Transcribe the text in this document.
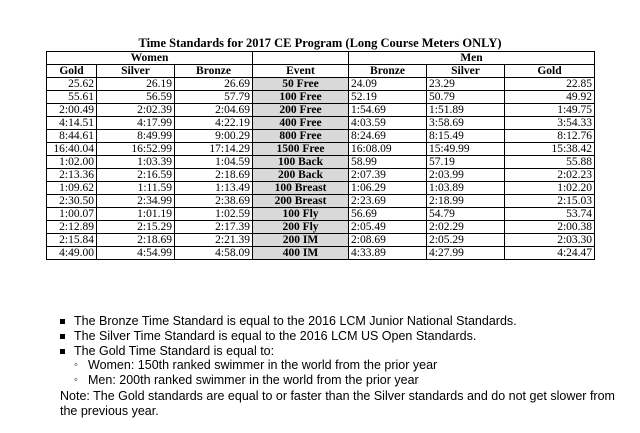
Time Standards for 2017 CE Program (Long Course Meters ONLY)
Women				Men		
Gold	Silver	Bronze	Event	Bronze	Silver	Gold
25.62	26.19	26.69	50 Free	24.09	23.29	22.85
55.61	56.59	57.79	100 Free	52.19	50.79	49.92
2:00.49	2:02.39	2:04.69	200 Free	1:54.69	1:51.89	1:49.75
4:14.51	4:17.99	4:22.19	400 Free	4:03.59	3:58.69	3:54.33
8:44.61	8:49.99	9:00.29	800 Free	8:24.69	8:15.49	8:12.76
16:40.04	16:52.99	17:14.29	1500 Free	16:08.09	15:49.99	15:38.42
1:02.00	1:03.39	1:04.59	100 Back	58.99	57.19	55.88
2:13.36	2:16.59	2:18.69	200 Back	2:07.39	2:03.99	2:02.23
1:09.62	1:11.59	1:13.49	100 Breast	1:06.29	1:03.89	1:02.20
2:30.50	2:34.99	2:38.69	200 Breast	2:23.69	2:18.99	2:15.03
1:00.07	1:01.19	1:02.59	100 Fly	56.69	54.79	53.74
2:12.89	2:15.29	2:17.39	200 Fly	2:05.49	2:02.29	2:00.38
2:15.84	2:18.69	2:21.39	200 IM	2:08.69	2:05.29	2:03.30
4:49.00	4:54.99	4:58.09	400 IM	4:33.89	4:27.99	4:24.47
The Bronze Time Standard is equal to the 2016 LCM Junior National Standards.
The Silver Time Standard is equal to the 2016 LCM US Open Standards.
The Gold Time Standard is equal to:
◦ Women: 150th ranked swimmer in the world from the prior year
◦ Men: 200th ranked swimmer in the world from the prior year
Note: The Gold standards are equal to or faster than the Silver standards and do not get slower from the previous year.
